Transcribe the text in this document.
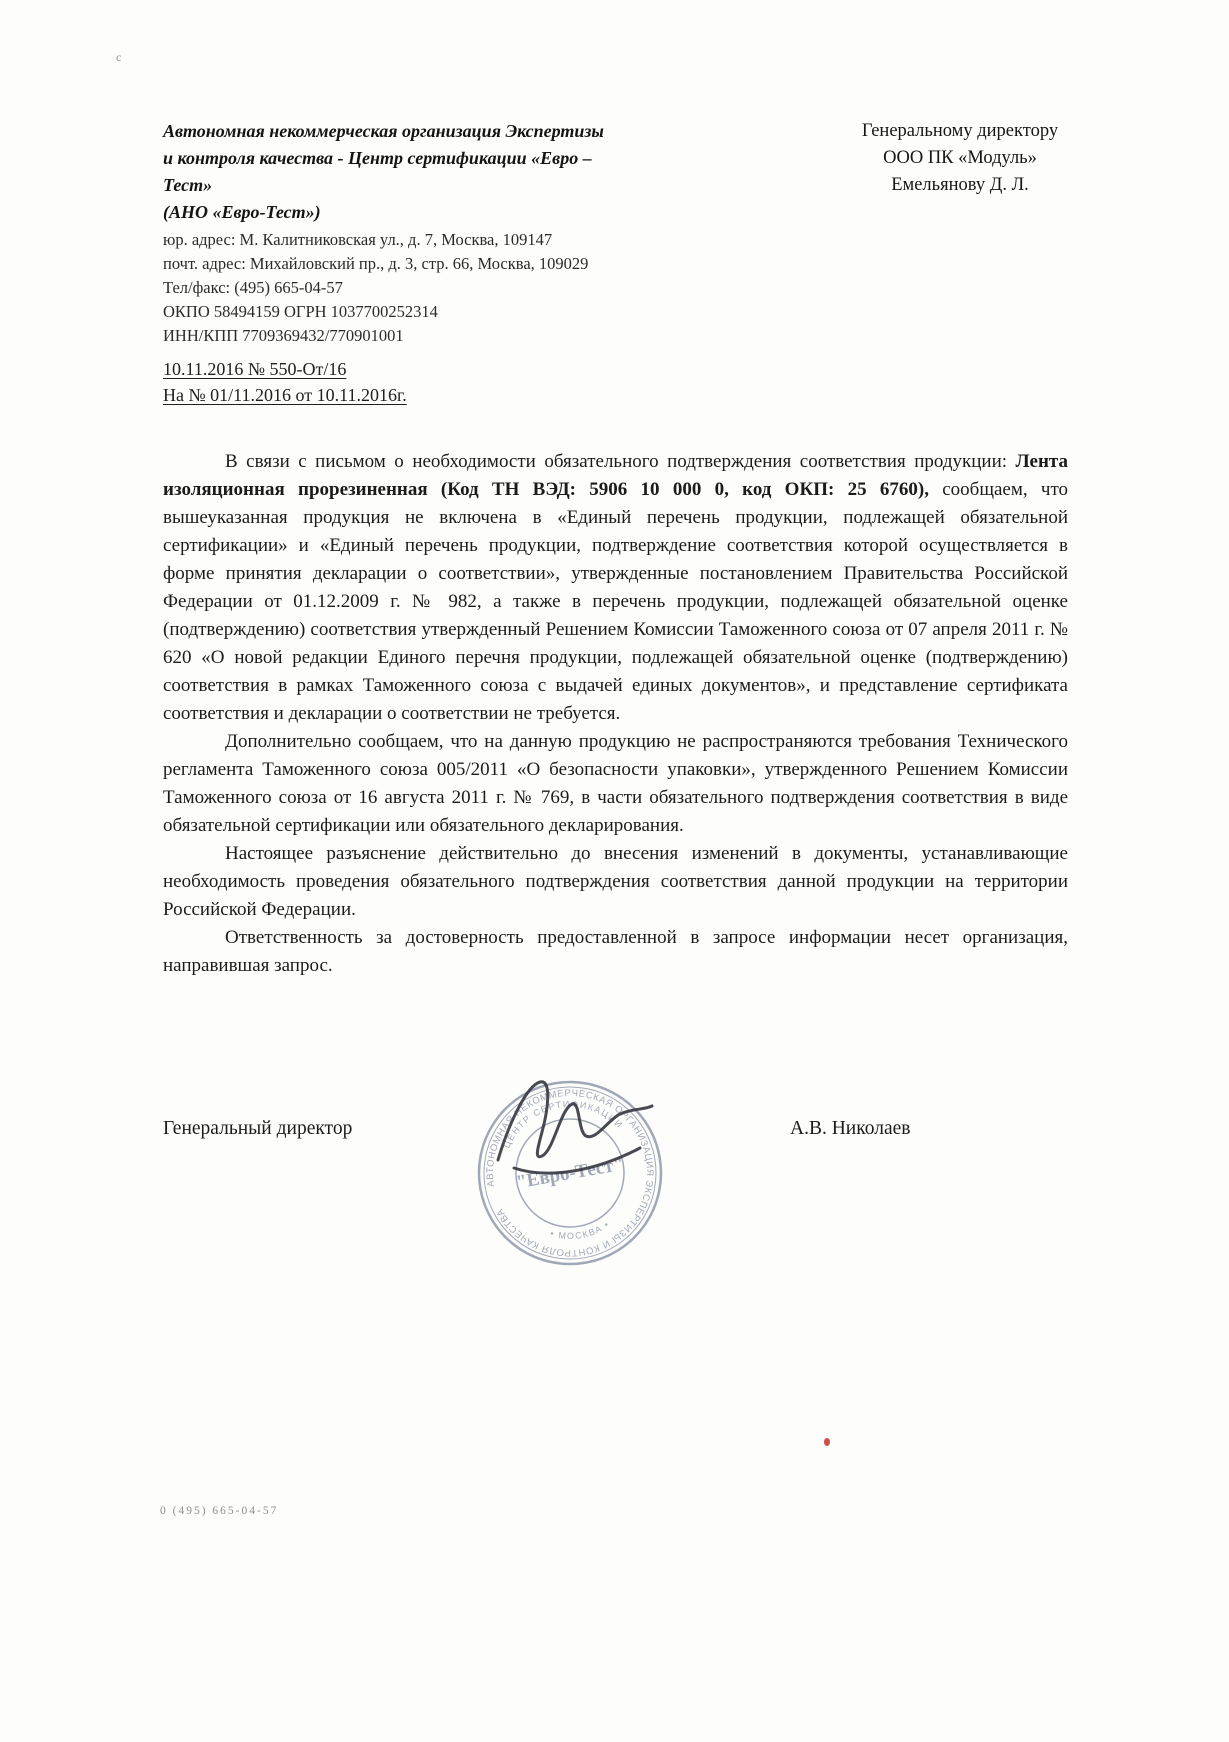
с
Автономная некоммерческая организация Экспертизы
и контроля качества - Центр сертификации «Евро –
Тест»
(АНО «Евро-Тест»)
юр. адрес: М. Калитниковская ул., д. 7, Москва, 109147
почт. адрес: Михайловский пр., д. 3, стр. 66, Москва, 109029
Тел/факс: (495) 665-04-57
ОКПО 58494159 ОГРН 1037700252314
ИНН/КПП 7709369432/770901001
10.11.2016 № 550-От/16
На № 01/11.2016 от 10.11.2016г.
Генеральному директору
ООО ПК «Модуль»
Емельянову Д. Л.

В связи с письмом о необходимости обязательного подтверждения соответствия продукции: Лента изоляционная прорезиненная (Код ТН ВЭД: 5906 10 000 0, код ОКП: 25 6760), сообщаем, что вышеуказанная продукция не включена в «Единый перечень продукции, подлежащей обязательной сертификации» и «Единый перечень продукции, подтверждение соответствия которой осуществляется в форме принятия декларации о соответствии», утвержденные постановлением Правительства Российской Федерации от 01.12.2009 г. № 982, а также в перечень продукции, подлежащей обязательной оценке (подтверждению) соответствия утвержденный Решением Комиссии Таможенного союза от 07 апреля 2011 г. № 620 «О новой редакции Единого перечня продукции, подлежащей обязательной оценке (подтверждению) соответствия в рамках Таможенного союза с выдачей единых документов», и представление сертификата соответствия и декларации о соответствии не требуется.

Дополнительно сообщаем, что на данную продукцию не распространяются требования Технического регламента Таможенного союза 005/2011 «О безопасности упаковки», утвержденного Решением Комиссии Таможенного союза от 16 августа 2011 г. № 769, в части обязательного подтверждения соответствия в виде обязательной сертификации или обязательного декларирования.

Настоящее разъяснение действительно до внесения изменений в документы, устанавливающие необходимость проведения обязательного подтверждения соответствия данной продукции на территории Российской Федерации.

Ответственность за достоверность предоставленной в запросе информации несет организация, направившая запрос.

Генеральный директор	А.В. Николаев
АВТОНОМНАЯ НЕКОММЕРЧЕСКАЯ ОРГАНИЗАЦИЯ ЭКСПЕРТИЗЫ И КОНТРОЛЯ КАЧЕСТВА
ЦЕНТР СЕРТИФИКАЦИИ
• МОСКВА •
"Евро-Тест"
0 (495) 665-04-57
